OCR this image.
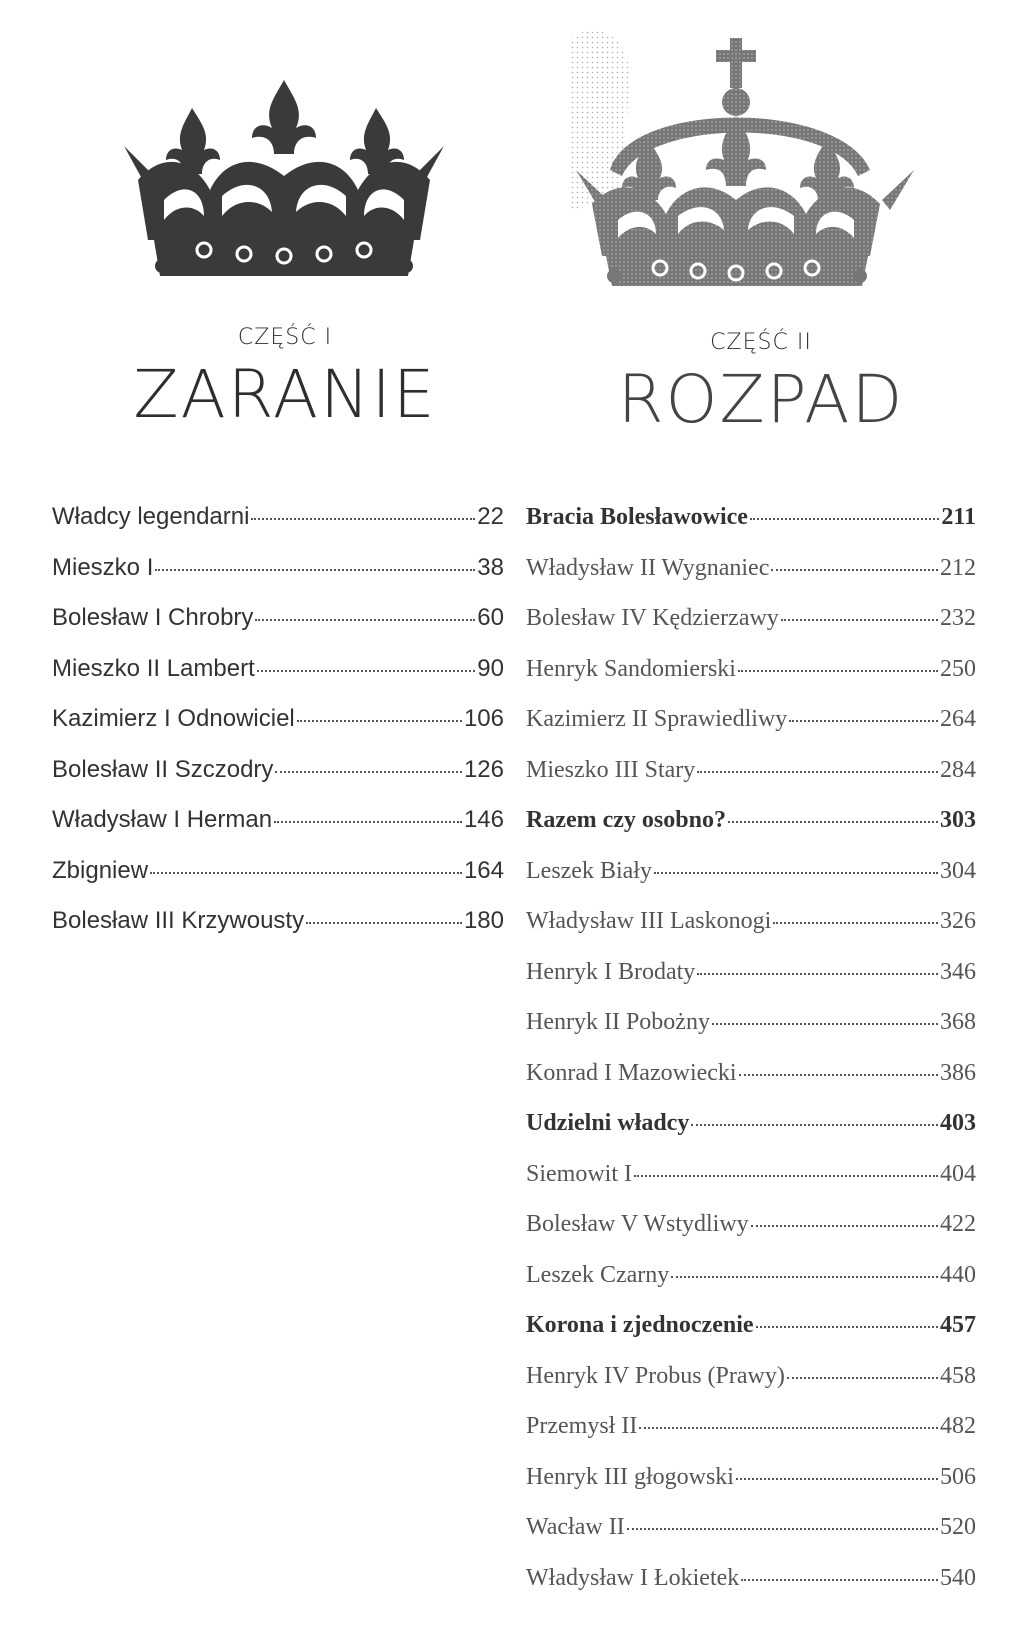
CZĘŚĆ I
ZARANIE
CZĘŚĆ II
ROZPAD
Władcy legendarni	22
Mieszko I	38
Bolesław I Chrobry	60
Mieszko II Lambert	90
Kazimierz I Odnowiciel	106
Bolesław II Szczodry	126
Władysław I Herman	146
Zbigniew	164
Bolesław III Krzywousty	180
Bracia Bolesławowice	211
Władysław II Wygnaniec	212
Bolesław IV Kędzierzawy	232
Henryk Sandomierski	250
Kazimierz II Sprawiedliwy	264
Mieszko III Stary	284
Razem czy osobno?	303
Leszek Biały	304
Władysław III Laskonogi	326
Henryk I Brodaty	346
Henryk II Pobożny	368
Konrad I Mazowiecki	386
Udzielni władcy	403
Siemowit I	404
Bolesław V Wstydliwy	422
Leszek Czarny	440
Korona i zjednoczenie	457
Henryk IV Probus (Prawy)	458
Przemysł II	482
Henryk III głogowski	506
Wacław II	520
Władysław I Łokietek	540
